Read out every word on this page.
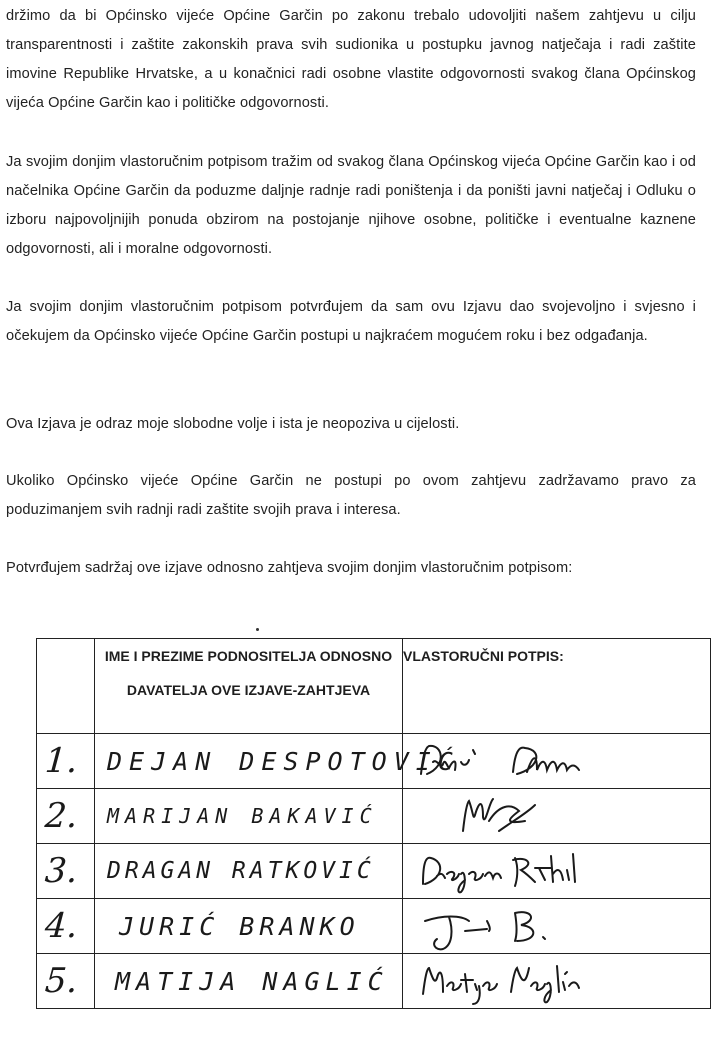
držimo da bi Općinsko vijeće Općine Garčin po zakonu trebalo udovoljiti našem zahtjevu u cilju transparentnosti i zaštite zakonskih prava svih sudionika u postupku javnog natječaja i radi zaštite imovine Republike Hrvatske, a u konačnici radi osobne vlastite odgovornosti svakog člana Općinskog vijeća Općine Garčin kao i političke odgovornosti.

Ja svojim donjim vlastoručnim potpisom tražim od svakog člana Općinskog vijeća Općine Garčin kao i od načelnika Općine Garčin da poduzme daljnje radnje radi poništenja i da poništi javni natječaj i Odluku o izboru najpovoljnijih ponuda obzirom na postojanje njihove osobne, političke i eventualne kaznene odgovornosti, ali i moralne odgovornosti.

Ja svojim donjim vlastoručnim potpisom potvrđujem da sam ovu Izjavu dao svojevoljno i svjesno i očekujem da Općinsko vijeće Općine Garčin postupi u najkraćem mogućem roku i bez odgađanja.

Ova Izjava je odraz moje slobodne volje i ista je neopoziva u cijelosti.

Ukoliko Općinsko vijeće Općine Garčin ne postupi po ovom zahtjevu zadržavamo pravo za poduzimanjem svih radnji radi zaštite svojih prava i interesa.

Potvrđujem sadržaj ove izjave odnosno zahtjeva svojim donjim vlastoručnim potpisom:

	IME I PREZIME PODNOSITELJA ODNOSNO DAVATELJA OVE IZJAVE-ZAHTJEVA	VLASTORUČNI POTPIS:

1.	DEJAN DESPOTOVIĆ

2.	MARIJAN BAKAVIĆ

3.	DRAGAN RATKOVIĆ

4.	JURIĆ BRANKO

5.	MATIJA NAGLIĆ
